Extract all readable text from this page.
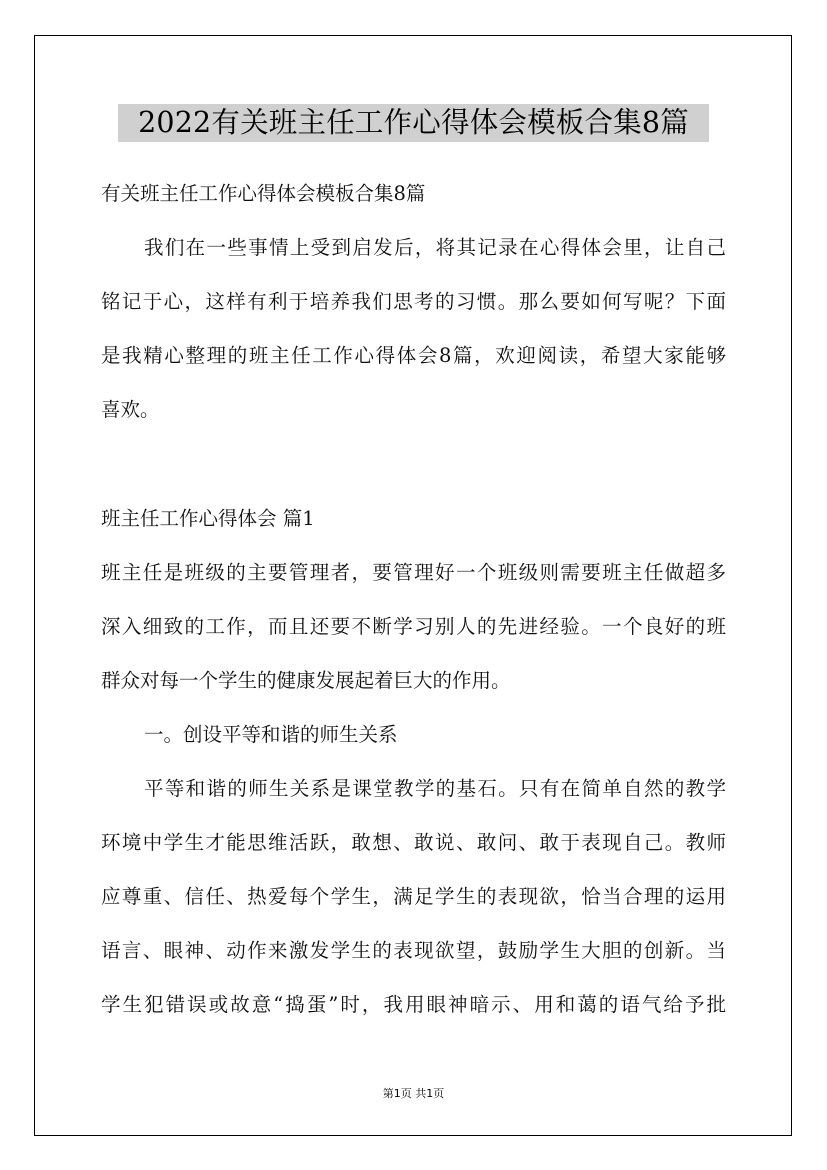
2022有关班主任工作心得体会模板合集8篇
有关班主任工作心得体会模板合集8篇
我们在一些事情上受到启发后，将其记录在心得体会里，让自己
铭记于心，这样有利于培养我们思考的习惯。那么要如何写呢？下面
是我精心整理的班主任工作心得体会8篇，欢迎阅读，希望大家能够
喜欢。
班主任工作心得体会 篇1
班主任是班级的主要管理者，要管理好一个班级则需要班主任做超多
深入细致的工作，而且还要不断学习别人的先进经验。一个良好的班
群众对每一个学生的健康发展起着巨大的作用。
一。创设平等和谐的师生关系
平等和谐的师生关系是课堂教学的基石。只有在简单自然的教学
环境中学生才能思维活跃，敢想、敢说、敢问、敢于表现自己。教师
应尊重、信任、热爱每个学生，满足学生的表现欲，恰当合理的运用
语言、眼神、动作来激发学生的表现欲望，鼓励学生大胆的创新。当
学生犯错误或故意“捣蛋”时，我用眼神暗示、用和蔼的语气给予批
第1页 共1页
